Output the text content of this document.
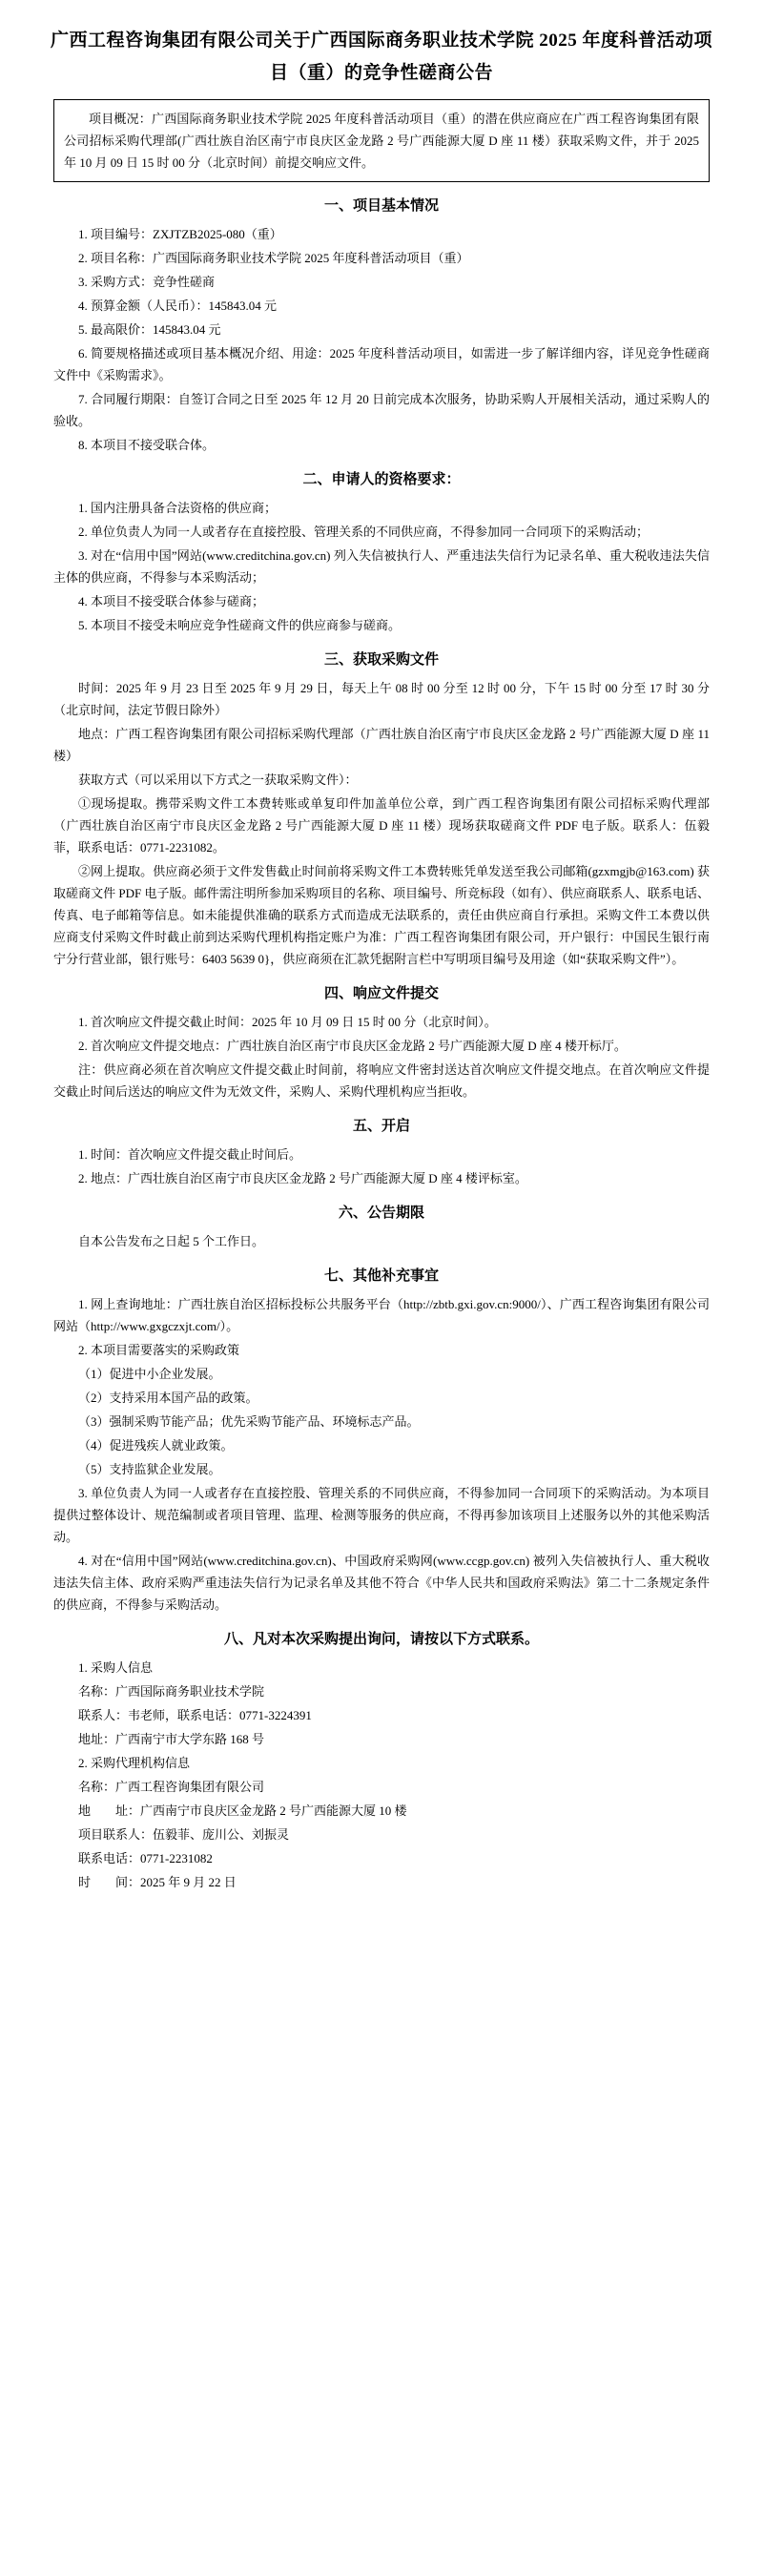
广西工程咨询集团有限公司关于广西国际商务职业技术学院 2025 年度科普活动项目（重）的竞争性磋商公告

项目概况：广西国际商务职业技术学院 2025 年度科普活动项目（重）的潜在供应商应在广西工程咨询集团有限公司招标采购代理部(广西壮族自治区南宁市良庆区金龙路 2 号广西能源大厦 D 座 11 楼）获取采购文件，并于 2025 年 10 月 09 日 15 时 00 分（北京时间）前提交响应文件。

一、项目基本情况

1. 项目编号：ZXJTZB2025-080（重）

2. 项目名称：广西国际商务职业技术学院 2025 年度科普活动项目（重）

3. 采购方式：竞争性磋商

4. 预算金额（人民币）：145843.04 元

5. 最高限价：145843.04 元

6. 简要规格描述或项目基本概况介绍、用途：2025 年度科普活动项目，如需进一步了解详细内容，详见竞争性磋商文件中《采购需求》。

7. 合同履行期限：自签订合同之日至 2025 年 12 月 20 日前完成本次服务，协助采购人开展相关活动，通过采购人的验收。

8. 本项目不接受联合体。

二、申请人的资格要求：

1. 国内注册具备合法资格的供应商；

2. 单位负责人为同一人或者存在直接控股、管理关系的不同供应商，不得参加同一合同项下的采购活动；

3. 对在“信用中国”网站(www.creditchina.gov.cn) 列入失信被执行人、严重违法失信行为记录名单、重大税收违法失信主体的供应商，不得参与本采购活动；

4. 本项目不接受联合体参与磋商；

5. 本项目不接受未响应竞争性磋商文件的供应商参与磋商。

三、获取采购文件

时间：2025 年 9 月 23 日至 2025 年 9 月 29 日，每天上午 08 时 00 分至 12 时 00 分，下午 15 时 00 分至 17 时 30 分（北京时间，法定节假日除外）

地点：广西工程咨询集团有限公司招标采购代理部（广西壮族自治区南宁市良庆区金龙路 2 号广西能源大厦 D 座 11 楼）

获取方式（可以采用以下方式之一获取采购文件）：

①现场提取。携带采购文件工本费转账或单复印件加盖单位公章，到广西工程咨询集团有限公司招标采购代理部（广西壮族自治区南宁市良庆区金龙路 2 号广西能源大厦 D 座 11 楼）现场获取磋商文件 PDF 电子版。联系人：伍毅菲，联系电话：0771-2231082。

②网上提取。供应商必须于文件发售截止时间前将采购文件工本费转账凭单发送至我公司邮箱(gzxmgjb@163.com) 获取磋商文件 PDF 电子版。邮件需注明所参加采购项目的名称、项目编号、所竞标段（如有）、供应商联系人、联系电话、传真、电子邮箱等信息。如未能提供准确的联系方式而造成无法联系的，责任由供应商自行承担。采购文件工本费以供应商支付采购文件时截止前到达采购代理机构指定账户为准：广西工程咨询集团有限公司，开户银行：中国民生银行南宁分行营业部，银行账号：6403 5639 0}，供应商须在汇款凭据附言栏中写明项目编号及用途（如“获取采购文件”）。

四、响应文件提交

1. 首次响应文件提交截止时间：2025 年 10 月 09 日 15 时 00 分（北京时间）。

2. 首次响应文件提交地点：广西壮族自治区南宁市良庆区金龙路 2 号广西能源大厦 D 座 4 楼开标厅。

注：供应商必须在首次响应文件提交截止时间前，将响应文件密封送达首次响应文件提交地点。在首次响应文件提交截止时间后送达的响应文件为无效文件，采购人、采购代理机构应当拒收。

五、开启

1. 时间：首次响应文件提交截止时间后。

2. 地点：广西壮族自治区南宁市良庆区金龙路 2 号广西能源大厦 D 座 4 楼评标室。

六、公告期限

自本公告发布之日起 5 个工作日。

七、其他补充事宜

1. 网上查询地址：广西壮族自治区招标投标公共服务平台（http://zbtb.gxi.gov.cn:9000/）、广西工程咨询集团有限公司网站（http://www.gxgczxjt.com/）。

2. 本项目需要落实的采购政策

（1）促进中小企业发展。

（2）支持采用本国产品的政策。

（3）强制采购节能产品；优先采购节能产品、环境标志产品。

（4）促进残疾人就业政策。

（5）支持监狱企业发展。

3. 单位负责人为同一人或者存在直接控股、管理关系的不同供应商，不得参加同一合同项下的采购活动。为本项目提供过整体设计、规范编制或者项目管理、监理、检测等服务的供应商，不得再参加该项目上述服务以外的其他采购活动。

4. 对在“信用中国”网站(www.creditchina.gov.cn)、中国政府采购网(www.ccgp.gov.cn) 被列入失信被执行人、重大税收违法失信主体、政府采购严重违法失信行为记录名单及其他不符合《中华人民共和国政府采购法》第二十二条规定条件的供应商，不得参与采购活动。

八、凡对本次采购提出询问，请按以下方式联系。

1. 采购人信息

名称：广西国际商务职业技术学院

联系人：韦老师，联系电话：0771-3224391

地址：广西南宁市大学东路 168 号

2. 采购代理机构信息

名称：广西工程咨询集团有限公司

地　　址：广西南宁市良庆区金龙路 2 号广西能源大厦 10 楼

项目联系人：伍毅菲、庞川公、刘振灵

联系电话：0771-2231082

时　　间：2025 年 9 月 22 日
